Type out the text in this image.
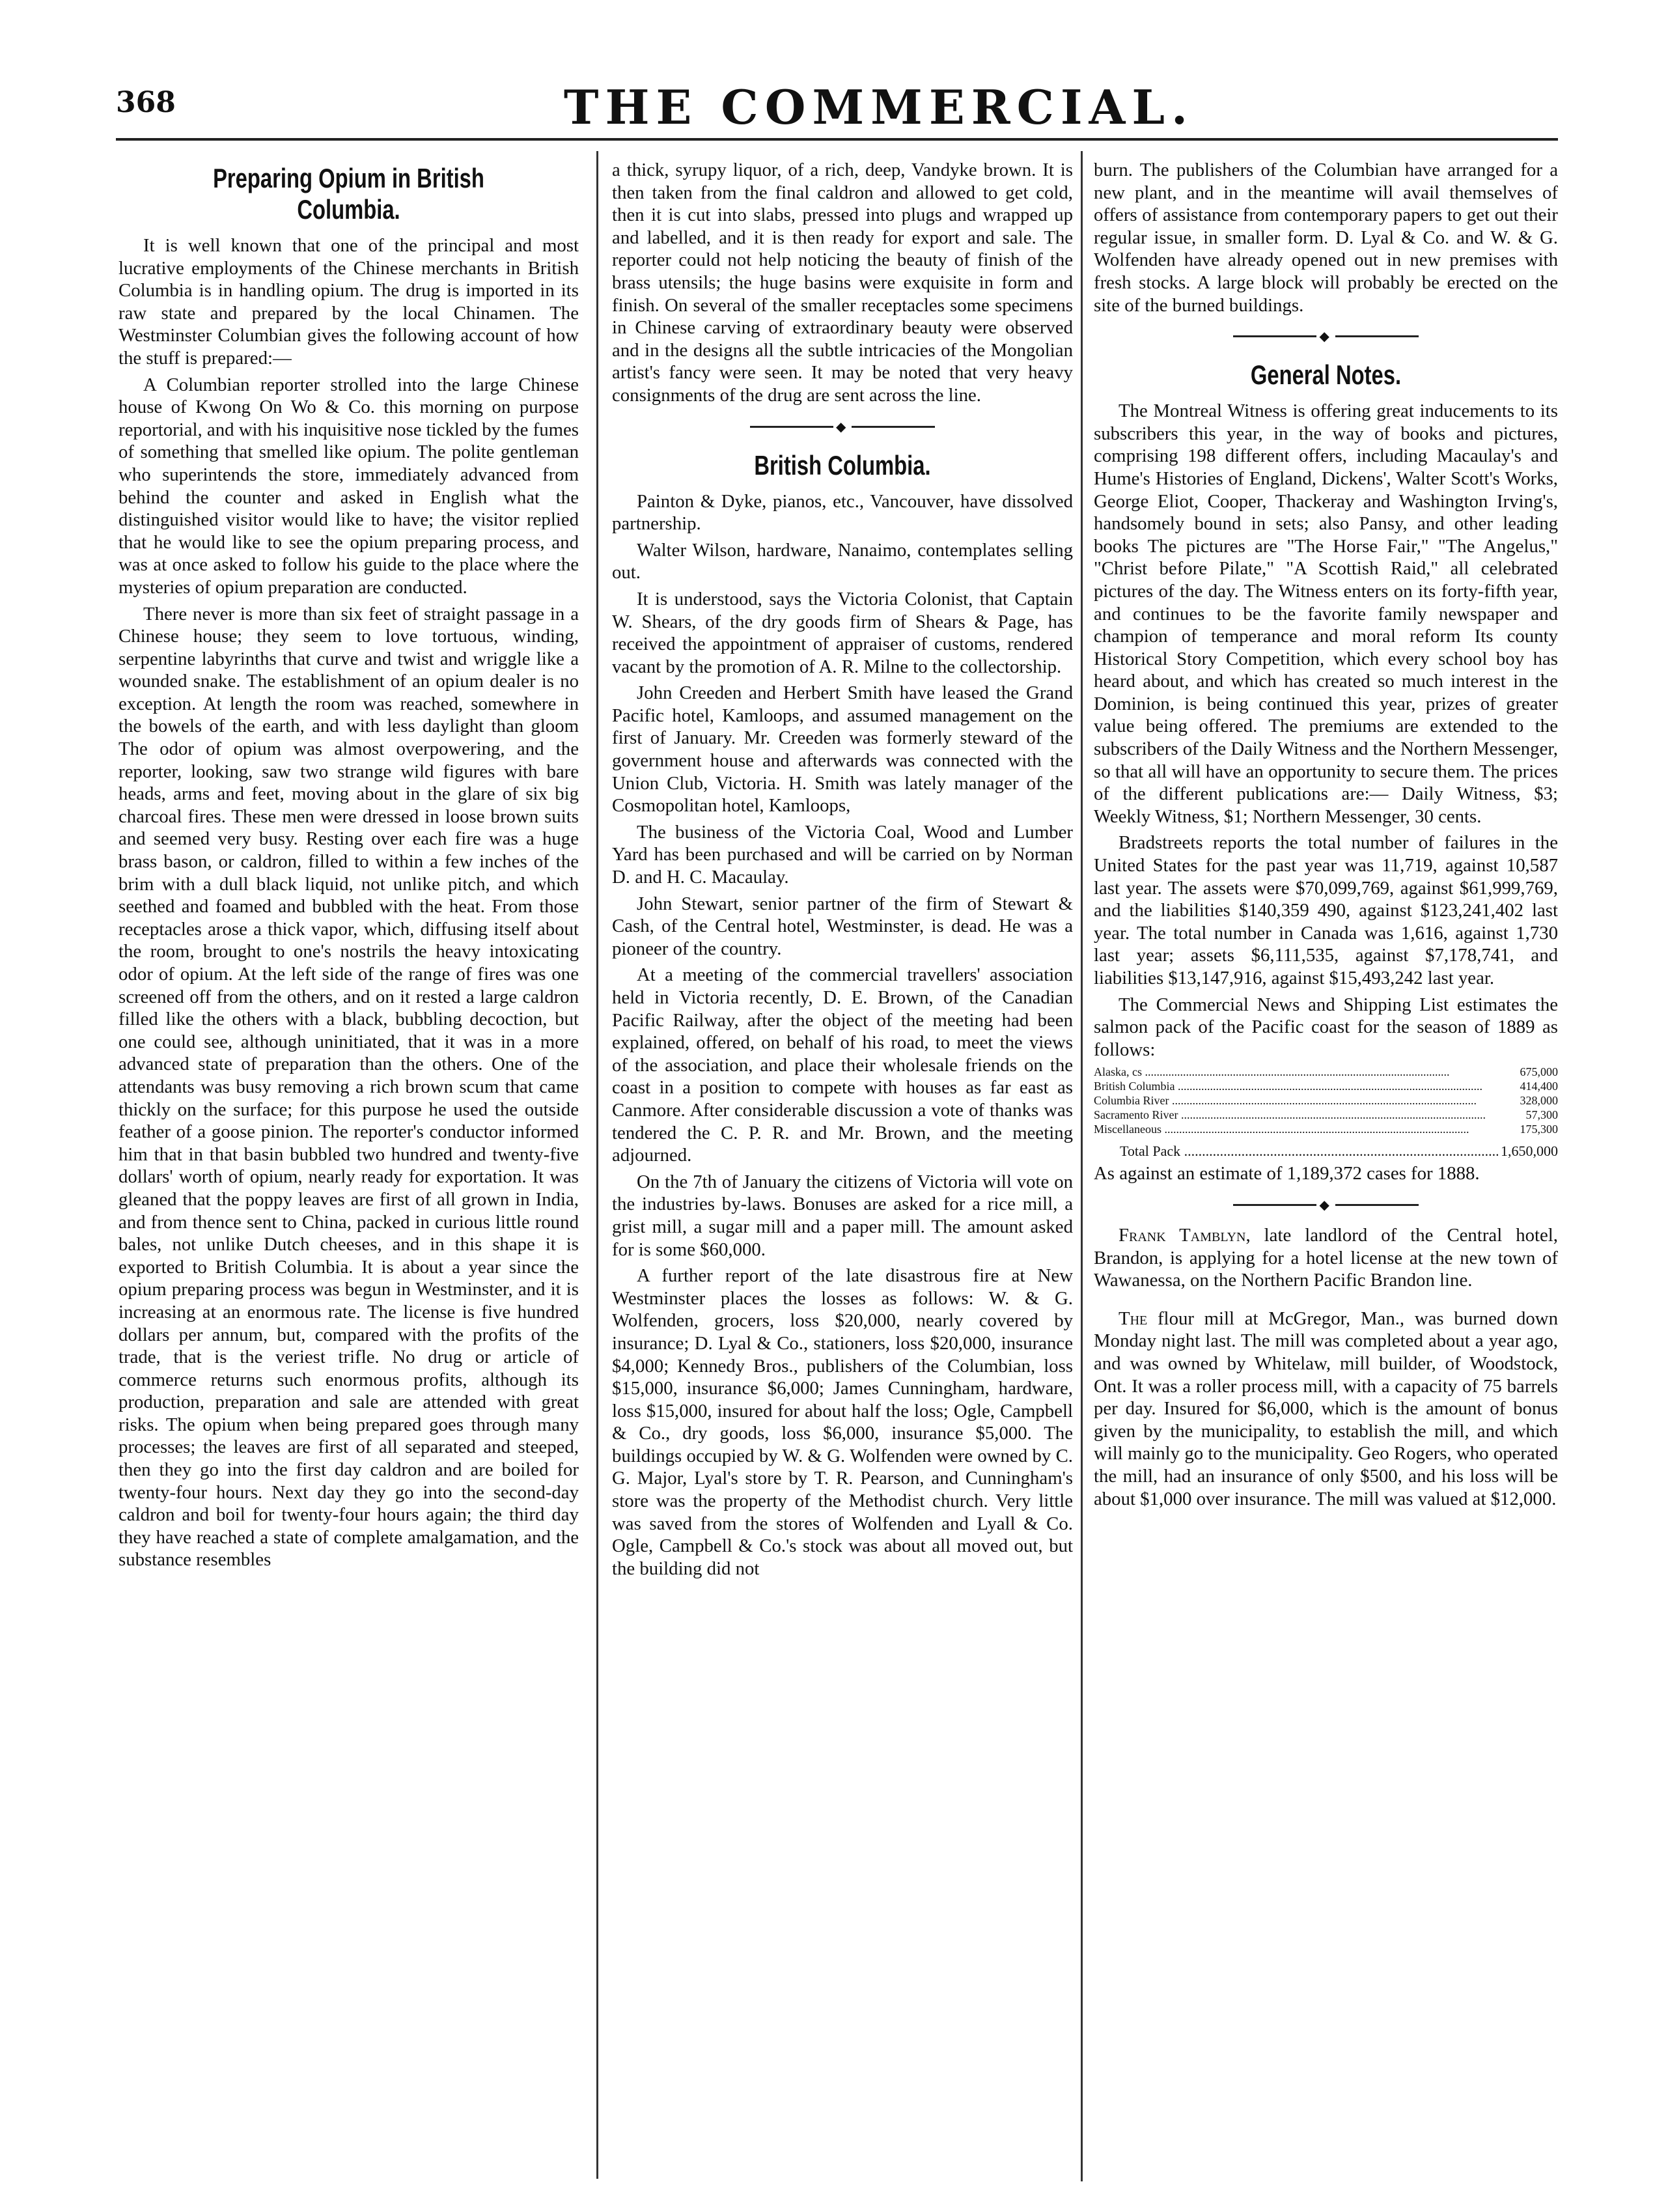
368	THE COMMERCIAL.
Preparing Opium in British Columbia.

It is well known that one of the principal and most lucrative employments of the Chinese merchants in British Columbia is in handling opium. The drug is imported in its raw state and prepared by the local Chinamen. The Westminster Columbian gives the following account of how the stuff is prepared:—

A Columbian reporter strolled into the large Chinese house of Kwong On Wo & Co. this morning on purpose reportorial, and with his inquisitive nose tickled by the fumes of something that smelled like opium. The polite gentleman who superintends the store, immediately advanced from behind the counter and asked in English what the distinguished visitor would like to have; the visitor replied that he would like to see the opium preparing process, and was at once asked to follow his guide to the place where the mysteries of opium preparation are conducted.

There never is more than six feet of straight passage in a Chinese house; they seem to love tortuous, winding, serpentine labyrinths that curve and twist and wriggle like a wounded snake. The establishment of an opium dealer is no exception. At length the room was reached, somewhere in the bowels of the earth, and with less daylight than gloom The odor of opium was almost overpowering, and the reporter, looking, saw two strange wild figures with bare heads, arms and feet, moving about in the glare of six big charcoal fires. These men were dressed in loose brown suits and seemed very busy. Resting over each fire was a huge brass bason, or caldron, filled to within a few inches of the brim with a dull black liquid, not unlike pitch, and which seethed and foamed and bubbled with the heat. From those receptacles arose a thick vapor, which, diffusing itself about the room, brought to one's nostrils the heavy intoxicating odor of opium. At the left side of the range of fires was one screened off from the others, and on it rested a large caldron filled like the others with a black, bubbling decoction, but one could see, although uninitiated, that it was in a more advanced state of preparation than the others. One of the attendants was busy removing a rich brown scum that came thickly on the surface; for this purpose he used the outside feather of a goose pinion. The reporter's conductor informed him that in that basin bubbled two hundred and twenty-five dollars' worth of opium, nearly ready for exportation. It was gleaned that the poppy leaves are first of all grown in India, and from thence sent to China, packed in curious little round bales, not unlike Dutch cheeses, and in this shape it is exported to British Columbia. It is about a year since the opium preparing process was begun in Westminster, and it is increasing at an enormous rate. The license is five hundred dollars per annum, but, compared with the profits of the trade, that is the veriest trifle. No drug or article of commerce returns such enormous profits, although its production, preparation and sale are attended with great risks. The opium when being prepared goes through many processes; the leaves are first of all separated and steeped, then they go into the first day caldron and are boiled for twenty-four hours. Next day they go into the second-day caldron and boil for twenty-four hours again; the third day they have reached a state of complete amalgamation, and the substance resembles

a thick, syrupy liquor, of a rich, deep, Vandyke brown. It is then taken from the final caldron and allowed to get cold, then it is cut into slabs, pressed into plugs and wrapped up and labelled, and it is then ready for export and sale. The reporter could not help noticing the beauty of finish of the brass utensils; the huge basins were exquisite in form and finish. On several of the smaller receptacles some specimens in Chinese carving of extraordinary beauty were observed and in the designs all the subtle intricacies of the Mongolian artist's fancy were seen. It may be noted that very heavy consignments of the drug are sent across the line.

◆
British Columbia.

Painton & Dyke, pianos, etc., Vancouver, have dissolved partnership.

Walter Wilson, hardware, Nanaimo, contemplates selling out.

It is understood, says the Victoria Colonist, that Captain W. Shears, of the dry goods firm of Shears & Page, has received the appointment of appraiser of customs, rendered vacant by the promotion of A. R. Milne to the collectorship.

John Creeden and Herbert Smith have leased the Grand Pacific hotel, Kamloops, and assumed management on the first of January. Mr. Creeden was formerly steward of the government house and afterwards was connected with the Union Club, Victoria. H. Smith was lately manager of the Cosmopolitan hotel, Kamloops,

The business of the Victoria Coal, Wood and Lumber Yard has been purchased and will be carried on by Norman D. and H. C. Macaulay.

John Stewart, senior partner of the firm of Stewart & Cash, of the Central hotel, Westminster, is dead. He was a pioneer of the country.

At a meeting of the commercial travellers' association held in Victoria recently, D. E. Brown, of the Canadian Pacific Railway, after the object of the meeting had been explained, offered, on behalf of his road, to meet the views of the association, and place their wholesale friends on the coast in a position to compete with houses as far east as Canmore. After considerable discussion a vote of thanks was tendered the C. P. R. and Mr. Brown, and the meeting adjourned.

On the 7th of January the citizens of Victoria will vote on the industries by-laws. Bonuses are asked for a rice mill, a grist mill, a sugar mill and a paper mill. The amount asked for is some $60,000.

A further report of the late disastrous fire at New Westminster places the losses as follows: W. & G. Wolfenden, grocers, loss $20,000, nearly covered by insurance; D. Lyal & Co., stationers, loss $20,000, insurance $4,000; Kennedy Bros., publishers of the Columbian, loss $15,000, insurance $6,000; James Cunningham, hardware, loss $15,000, insured for about half the loss; Ogle, Campbell & Co., dry goods, loss $6,000, insurance $5,000. The buildings occupied by W. & G. Wolfenden were owned by C. G. Major, Lyal's store by T. R. Pearson, and Cunningham's store was the property of the Methodist church. Very little was saved from the stores of Wolfenden and Lyall & Co. Ogle, Campbell & Co.'s stock was about all moved out, but the building did not

burn. The publishers of the Columbian have arranged for a new plant, and in the meantime will avail themselves of offers of assistance from contemporary papers to get out their regular issue, in smaller form. D. Lyal & Co. and W. & G. Wolfenden have already opened out in new premises with fresh stocks. A large block will probably be erected on the site of the burned buildings.

◆
General Notes.

The Montreal Witness is offering great inducements to its subscribers this year, in the way of books and pictures, comprising 198 different offers, including Macaulay's and Hume's Histories of England, Dickens', Walter Scott's Works, George Eliot, Cooper, Thackeray and Washington Irving's, handsomely bound in sets; also Pansy, and other leading books The pictures are "The Horse Fair," "The Angelus," "Christ before Pilate," "A Scottish Raid," all celebrated pictures of the day. The Witness enters on its forty-fifth year, and continues to be the favorite family newspaper and champion of temperance and moral reform Its county Historical Story Competition, which every school boy has heard about, and which has created so much interest in the Dominion, is being continued this year, prizes of greater value being offered. The premiums are extended to the subscribers of the Daily Witness and the Northern Messenger, so that all will have an opportunity to secure them. The prices of the different publications are:— Daily Witness, $3; Weekly Witness, $1; Northern Messenger, 30 cents.

Bradstreets reports the total number of failures in the United States for the past year was 11,719, against 10,587 last year. The assets were $70,099,769, against $61,999,769, and the liabilities $140,359 490, against $123,241,402 last year. The total number in Canada was 1,616, against 1,730 last year; assets $6,111,535, against $7,178,741, and liabilities $13,147,916, against $15,493,242 last year.

The Commercial News and Shipping List estimates the salmon pack of the Pacific coast for the season of 1889 as follows:

Alaska, cs .....	675,000
British Columbia .....	414,400
Columbia River .....	328,000
Sacramento River .....	57,300
Miscellaneous .....	175,300
Total Pack .....	1,650,000

As against an estimate of 1,189,372 cases for 1888.

◆

Frank Tamblyn, late landlord of the Central hotel, Brandon, is applying for a hotel license at the new town of Wawanessa, on the Northern Pacific Brandon line.

The flour mill at McGregor, Man., was burned down Monday night last. The mill was completed about a year ago, and was owned by Whitelaw, mill builder, of Woodstock, Ont. It was a roller process mill, with a capacity of 75 barrels per day. Insured for $6,000, which is the amount of bonus given by the municipality, to establish the mill, and which will mainly go to the municipality. Geo Rogers, who operated the mill, had an insurance of only $500, and his loss will be about $1,000 over insurance. The mill was valued at $12,000.
